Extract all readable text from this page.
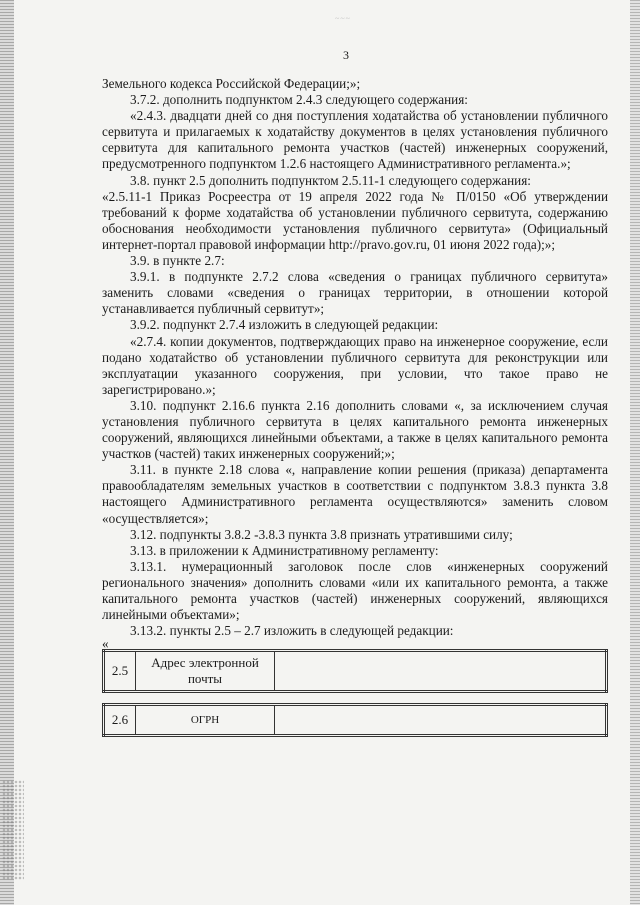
~~~
3

Земельного кодекса Российской Федерации;»;

3.7.2. дополнить подпунктом 2.4.3 следующего содержания:

«2.4.3. двадцати дней со дня поступления ходатайства об установлении публичного сервитута и прилагаемых к ходатайству документов в целях установления публичного сервитута для капитального ремонта участков (частей) инженерных сооружений, предусмотренного подпунктом 1.2.6 настоящего Административного регламента.»;

3.8. пункт 2.5 дополнить подпунктом 2.5.11-1 следующего содержания:

«2.5.11-1 Приказ Росреестра от 19 апреля 2022 года № П/0150 «Об утверждении требований к форме ходатайства об установлении публичного сервитута, содержанию обоснования необходимости установления публичного сервитута» (Официальный интернет-портал правовой информации http://pravo.gov.ru, 01 июня 2022 года);»;

3.9. в пункте 2.7:

3.9.1. в подпункте 2.7.2 слова «сведения о границах публичного сервитута» заменить словами «сведения о границах территории, в отношении которой устанавливается публичный сервитут»;

3.9.2. подпункт 2.7.4 изложить в следующей редакции:

«2.7.4. копии документов, подтверждающих право на инженерное сооружение, если подано ходатайство об установлении публичного сервитута для реконструкции или эксплуатации указанного сооружения, при условии, что такое право не зарегистрировано.»;

3.10. подпункт 2.16.6 пункта 2.16 дополнить словами «, за исключением случая установления публичного сервитута в целях капитального ремонта инженерных сооружений, являющихся линейными объектами, а также в целях капитального ремонта участков (частей) таких инженерных сооружений;»;

3.11. в пункте 2.18 слова «, направление копии решения (приказа) департамента правообладателям земельных участков в соответствии с подпунктом 3.8.3 пункта 3.8 настоящего Административного регламента осуществляются» заменить словом «осуществляется»;

3.12. подпункты 3.8.2 -3.8.3 пункта 3.8 признать утратившими силу;

3.13. в приложении к Административному регламенту:

3.13.1. нумерационный заголовок после слов «инженерных сооружений регионального значения» дополнить словами «или их капитального ремонта, а также капитального ремонта участков (частей) инженерных сооружений, являющихся линейными объектами»;

3.13.2. пункты 2.5 – 2.7 изложить в следующей редакции:

«

2.5	Адрес электронной почты	
2.6	ОГРН	
